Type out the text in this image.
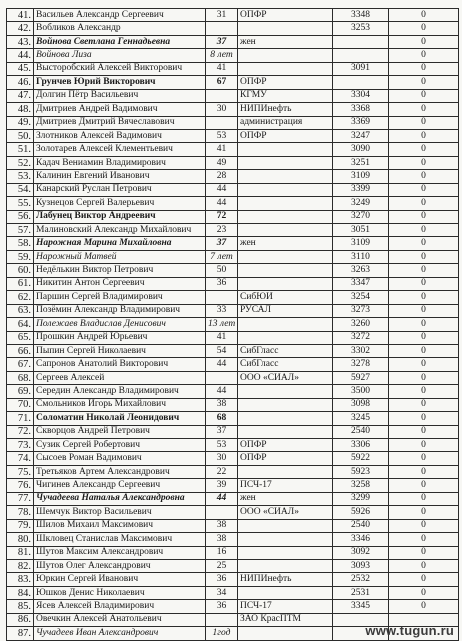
41.	Васильев Александр Сергеевич	31	ОПФР	3348	0
42.	Вобликов Александр			3253	0
43.	Войнова Светлана Геннадьевна	37	жен		0
44.	Войнова Лиза	8 лет			0
45.	Высторобский Алексей Викторович	41		3091	0
46.	Грунчев Юрий Викторович	67	ОПФР		0
47.	Долгин Пётр Васильевич		КГМУ	3304	0
48.	Дмитриев Андрей Вадимович	30	НИПИнефть	3368	0
49.	Дмитриев Дмитрий Вячеславович		администрация	3369	0
50.	Злотников Алексей Вадимович	53	ОПФР	3247	0
51.	Золотарев Алексей Клементьевич	41		3090	0
52.	Кадач Вениамин Владимирович	49		3251	0
53.	Калинин Евгений Иванович	28		3109	0
54.	Канарский Руслан Петрович	44		3399	0
55.	Кузнецов Сергей Валерьевич	44		3249	0
56.	Лабунец Виктор Андреевич	72		3270	0
57.	Малиновский Александр Михайлович	23		3051	0
58.	Нарожная Марина Михайловна	37	жен	3109	0
59.	Нарожный Матвей	7 лет		3110	0
60.	Недёлькин Виктор Петрович	50		3263	0
61.	Никитин Антон Сергеевич	36		3347	0
62.	Паршин Сергей Владимирович		СибЮИ	3254	0
63.	Позёмин Александр Владимирович	33	РУСАЛ	3273	0
64.	Полежаев Владислав Денисович	13 лет		3260	0
65.	Прошкин Андрей Юрьевич	41		3272	0
66.	Пыпин Сергей Николаевич	54	СибГласс	3302	0
67.	Сапронов Анатолий Викторович	44	СибГласс	3278	0
68.	Сергеев Алексей		ООО «СИАЛ»	5927	0
69.	Середин Александр Владимирович	44		3500	0
70.	Смольников Игорь Михайлович	38		3098	0
71.	Соломатин Николай Леонидович	68		3245	0
72.	Скворцов Андрей Петрович	37		2540	0
73.	Сузик Сергей Робертович	53	ОПФР	3306	0
74.	Сысоев Роман Вадимович	30	ОПФР	5922	0
75.	Третьяков Артем Александрович	22		5923	0
76.	Чигинев Александр Сергеевич	39	ПСЧ-17	3258	0
77.	Чучадеева Наталья Александровна	44	жен	3299	0
78.	Шемчук Виктор Васильевич		ООО «СИАЛ»	5926	0
79.	Шилов Михаил Максимович	38		2540	0
80.	Шкловец Станислав Максимович	38		3346	0
81.	Шутов Максим Александрович	16		3092	0
82.	Шутов Олег Александрович	25		3093	0
83.	Юркин Сергей Иванович	36	НИПИнефть	2532	0
84.	Юшков Денис Николаевич	34		2531	0
85.	Ясев Алексей Владимирович	36	ПСЧ-17	3345	0
86.	Овечкин Алексей Анатольевич		ЗАО КрасПТМ		
87.	Чучадеев Иван Александрович	1год				www.tugun.ru
